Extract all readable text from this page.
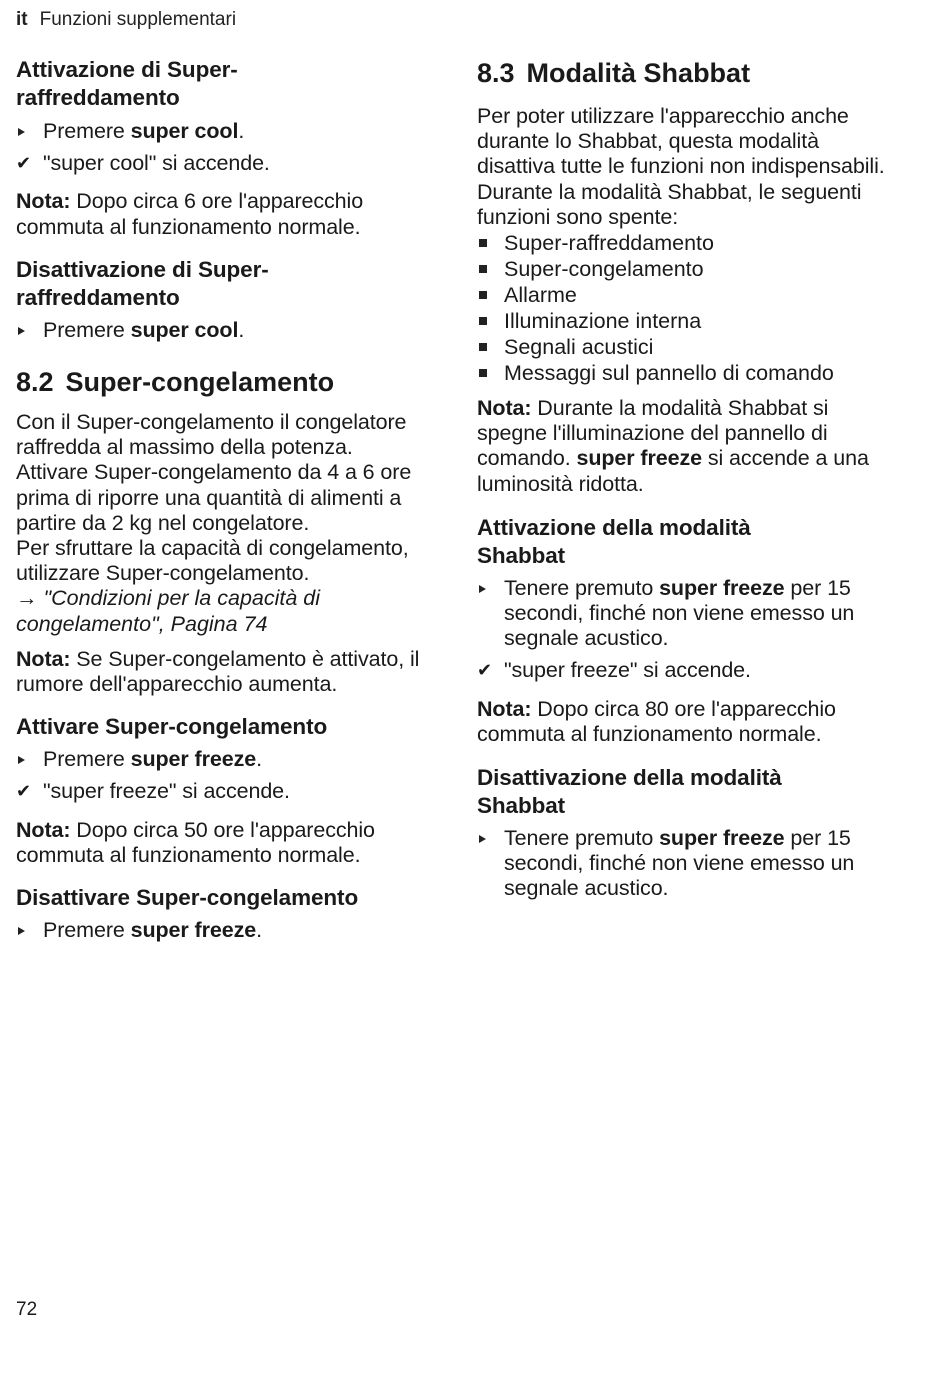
it Funzioni supplementari
Attivazione di Super-raffreddamento
Premere super cool.
✔ "super cool" si accende.

Nota: Dopo circa 6 ore l'apparecchio commuta al funzionamento normale.

Disattivazione di Super-raffreddamento
Premere super cool.
8.2 Super-congelamento

Con il Super-congelamento il congelatore raffredda al massimo della potenza.

Attivare Super-congelamento da 4 a 6 ore prima di riporre una quantità di alimenti a partire da 2 kg nel congelatore.

Per sfruttare la capacità di congelamento, utilizzare Super-congelamento.

→ "Condizioni per la capacità di congelamento", Pagina 74

Nota: Se Super-congelamento è attivato, il rumore dell'apparecchio aumenta.

Attivare Super-congelamento
Premere super freeze.
✔ "super freeze" si accende.

Nota: Dopo circa 50 ore l'apparecchio commuta al funzionamento normale.

Disattivare Super-congelamento
Premere super freeze.
8.3 Modalità Shabbat

Per poter utilizzare l'apparecchio anche durante lo Shabbat, questa modalità disattiva tutte le funzioni non indispensabili.

Durante la modalità Shabbat, le seguenti funzioni sono spente:

Super-raffreddamento
Super-congelamento
Allarme
Illuminazione interna
Segnali acustici
Messaggi sul pannello di comando

Nota: Durante la modalità Shabbat si spegne l'illuminazione del pannello di comando. super freeze si accende a una luminosità ridotta.

Attivazione della modalità Shabbat
Tenere premuto super freeze per 15 secondi, finché non viene emesso un segnale acustico.
✔ "super freeze" si accende.

Nota: Dopo circa 80 ore l'apparecchio commuta al funzionamento normale.

Disattivazione della modalità Shabbat
Tenere premuto super freeze per 15 secondi, finché non viene emesso un segnale acustico.
72
